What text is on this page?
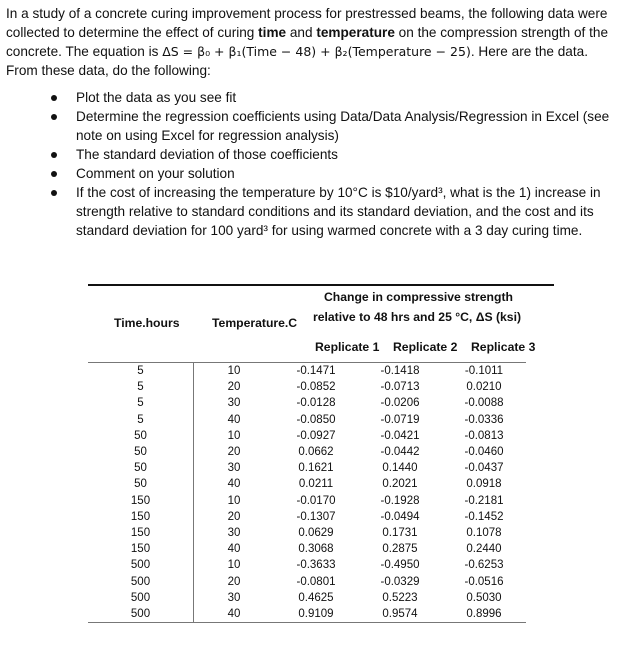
In a study of a concrete curing improvement process for prestressed beams, the following data were collected to determine the effect of curing time and temperature on the compression strength of the concrete. The equation is ΔS = β₀ + β₁(Time − 48) + β₂(Temperature − 25). Here are the data. From these data, do the following:

Plot the data as you see fit
Determine the regression coefficients using Data/Data Analysis/Regression in Excel (see note on using Excel for regression analysis)
The standard deviation of those coefficients
Comment on your solution
If the cost of increasing the temperature by 10°C is $10/yard³, what is the 1) increase in strength relative to standard conditions and its standard deviation, and the cost and its standard deviation for 100 yard³ for using warmed concrete with a 3 day curing time.
Change in compressive strength
relative to 48 hrs and 25 °C, ΔS (ksi)
Time.hours	Temperature.C
Replicate 1 Replicate 2 Replicate 3
5	10	-0.1471	-0.1418	-0.1011
5	20	-0.0852	-0.0713	0.0210
5	30	-0.0128	-0.0206	-0.0088
5	40	-0.0850	-0.0719	-0.0336
50	10	-0.0927	-0.0421	-0.0813
50	20	0.0662	-0.0442	-0.0460
50	30	0.1621	0.1440	-0.0437
50	40	0.0211	0.2021	0.0918
150	10	-0.0170	-0.1928	-0.2181
150	20	-0.1307	-0.0494	-0.1452
150	30	0.0629	0.1731	0.1078
150	40	0.3068	0.2875	0.2440
500	10	-0.3633	-0.4950	-0.6253
500	20	-0.0801	-0.0329	-0.0516
500	30	0.4625	0.5223	0.5030
500	40	0.9109	0.9574	0.8996
